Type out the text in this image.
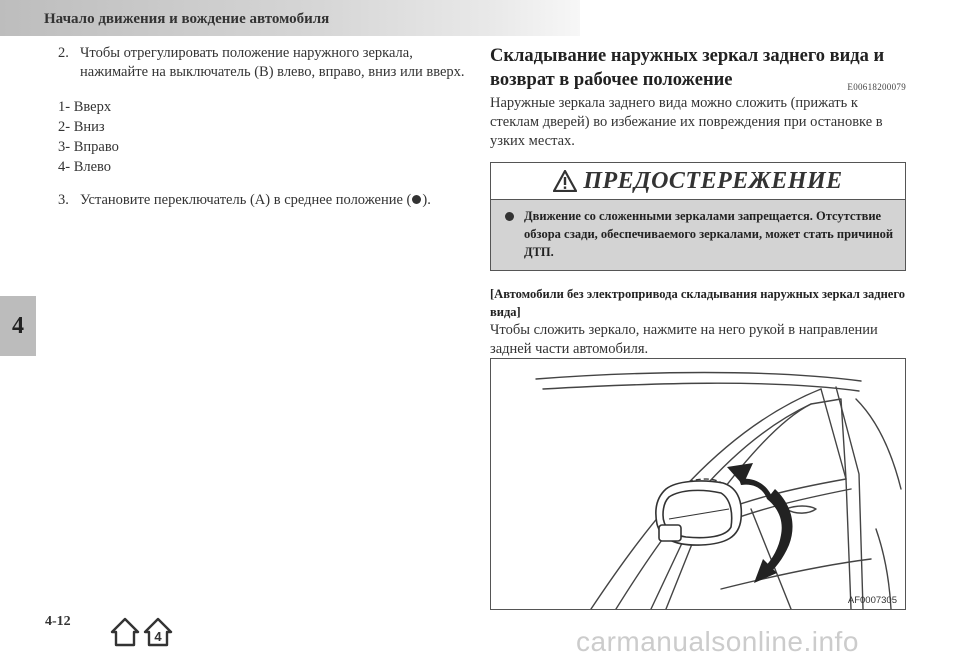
Начало движения и вождение автомобиля
4
2. Чтобы отрегулировать положение наружного зеркала, нажимайте на выключатель (B) влево, вправо, вниз или вверх.
1- Вверх
2- Вниз
3- Вправо
4- Влево
3. Установите переключатель (A) в среднее положение ( ).
Складывание наружных зеркал заднего вида и возврат в рабочее положение	E00618200079
Наружные зеркала заднего вида можно сложить (прижать к стеклам дверей) во избежание их повреждения при остановке в узких местах.
ПРЕДОСТЕРЕЖЕНИЕ
Движение со сложенными зеркалами запрещается. Отсутствие обзора сзади, обеспечиваемого зеркалами, может стать причиной ДТП.
[Автомобили без электропривода складывания наружных зеркал заднего вида]
Чтобы сложить зеркало, нажмите на него рукой в направлении задней части автомобиля.
AF0007305
4-12
4	carmanualsonline.info
